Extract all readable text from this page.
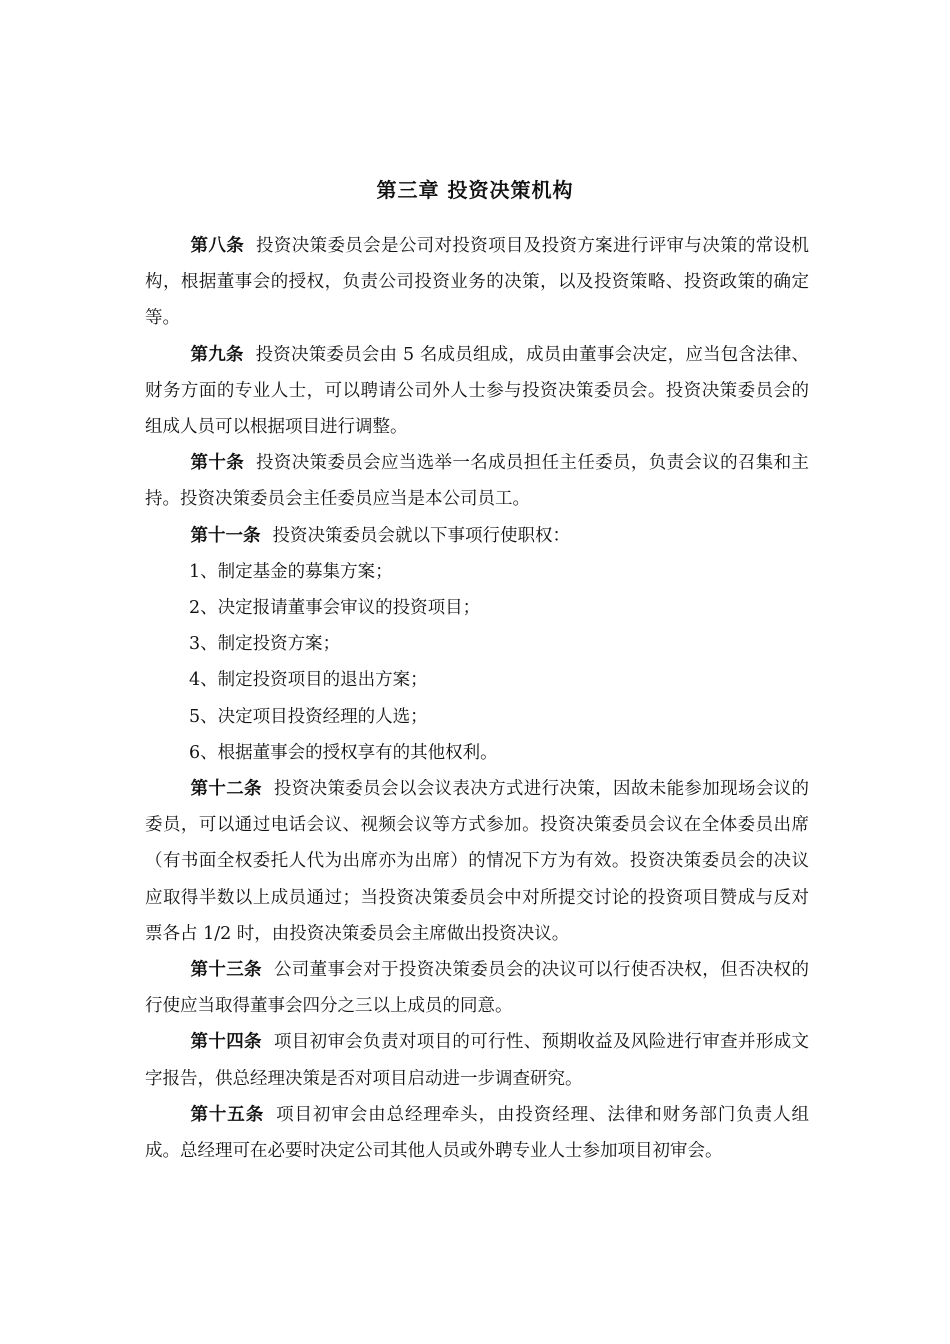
第三章 投资决策机构

第八条 投资决策委员会是公司对投资项目及投资方案进行评审与决策的常设机构，根据董事会的授权，负责公司投资业务的决策，以及投资策略、投资政策的确定等。

第九条 投资决策委员会由 5 名成员组成，成员由董事会决定，应当包含法律、财务方面的专业人士，可以聘请公司外人士参与投资决策委员会。投资决策委员会的组成人员可以根据项目进行调整。

第十条 投资决策委员会应当选举一名成员担任主任委员，负责会议的召集和主持。投资决策委员会主任委员应当是本公司员工。

第十一条 投资决策委员会就以下事项行使职权：

1、制定基金的募集方案；

2、决定报请董事会审议的投资项目；

3、制定投资方案；

4、制定投资项目的退出方案；

5、决定项目投资经理的人选；

6、根据董事会的授权享有的其他权利。

第十二条 投资决策委员会以会议表决方式进行决策，因故未能参加现场会议的委员，可以通过电话会议、视频会议等方式参加。投资决策委员会议在全体委员出席（有书面全权委托人代为出席亦为出席）的情况下方为有效。投资决策委员会的决议应取得半数以上成员通过；当投资决策委员会中对所提交讨论的投资项目赞成与反对票各占 1/2 时，由投资决策委员会主席做出投资决议。

第十三条 公司董事会对于投资决策委员会的决议可以行使否决权，但否决权的行使应当取得董事会四分之三以上成员的同意。

第十四条 项目初审会负责对项目的可行性、预期收益及风险进行审查并形成文字报告，供总经理决策是否对项目启动进一步调查研究。

第十五条 项目初审会由总经理牵头，由投资经理、法律和财务部门负责人组成。总经理可在必要时决定公司其他人员或外聘专业人士参加项目初审会。
